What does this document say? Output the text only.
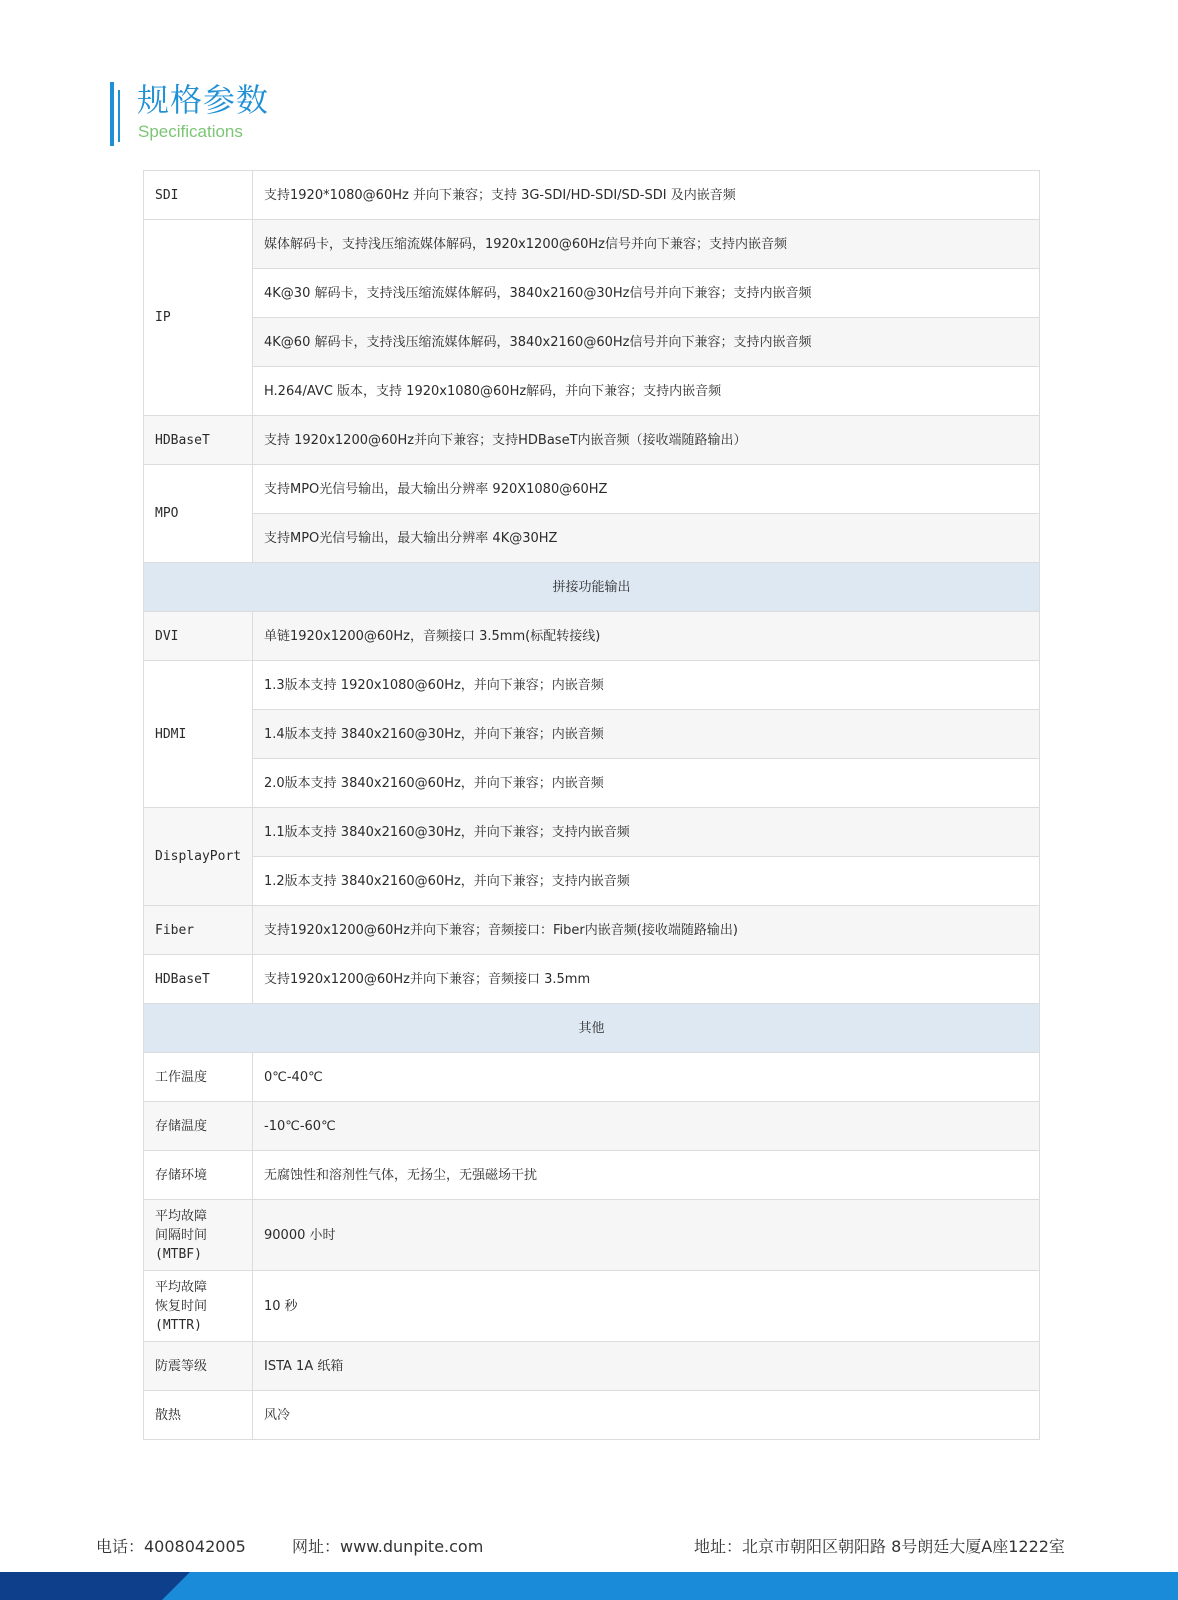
规格参数
Specifications
SDI	支持1920*1080@60Hz 并向下兼容；支持 3G-SDI/HD-SDI/SD-SDI 及内嵌音频
IP	媒体解码卡，支持浅压缩流媒体解码，1920x1200@60Hz信号并向下兼容；支持内嵌音频
	4K@30 解码卡，支持浅压缩流媒体解码，3840x2160@30Hz信号并向下兼容；支持内嵌音频
	4K@60 解码卡，支持浅压缩流媒体解码，3840x2160@60Hz信号并向下兼容；支持内嵌音频
	H.264/AVC 版本，支持 1920x1080@60Hz解码，并向下兼容；支持内嵌音频
HDBaseT	支持 1920x1200@60Hz并向下兼容；支持HDBaseT内嵌音频（接收端随路输出）
MPO	支持MPO光信号输出，最大输出分辨率 920X1080@60HZ
	支持MPO光信号输出，最大输出分辨率 4K@30HZ
拼接功能输出	
DVI	单链1920x1200@60Hz，音频接口 3.5mm(标配转接线)
HDMI	1.3版本支持 1920x1080@60Hz，并向下兼容；内嵌音频
	1.4版本支持 3840x2160@30Hz，并向下兼容；内嵌音频
	2.0版本支持 3840x2160@60Hz，并向下兼容；内嵌音频
DisplayPort	1.1版本支持 3840x2160@30Hz，并向下兼容；支持内嵌音频
	1.2版本支持 3840x2160@60Hz，并向下兼容；支持内嵌音频
Fiber	支持1920x1200@60Hz并向下兼容；音频接口：Fiber内嵌音频(接收端随路输出)
HDBaseT	支持1920x1200@60Hz并向下兼容；音频接口 3.5mm
其他	
工作温度	0℃-40℃
存储温度	-10℃-60℃
存储环境	无腐蚀性和溶剂性气体，无扬尘，无强磁场干扰

平均故障
间隔时间
(MTBF)	90000 小时

平均故障
恢复时间
(MTTR)	10 秒
防震等级	ISTA 1A 纸箱
散热	风冷
电话：4008042005	网址：www.dunpite.com	地址：北京市朝阳区朝阳路 8号朗廷大厦A座1222室
